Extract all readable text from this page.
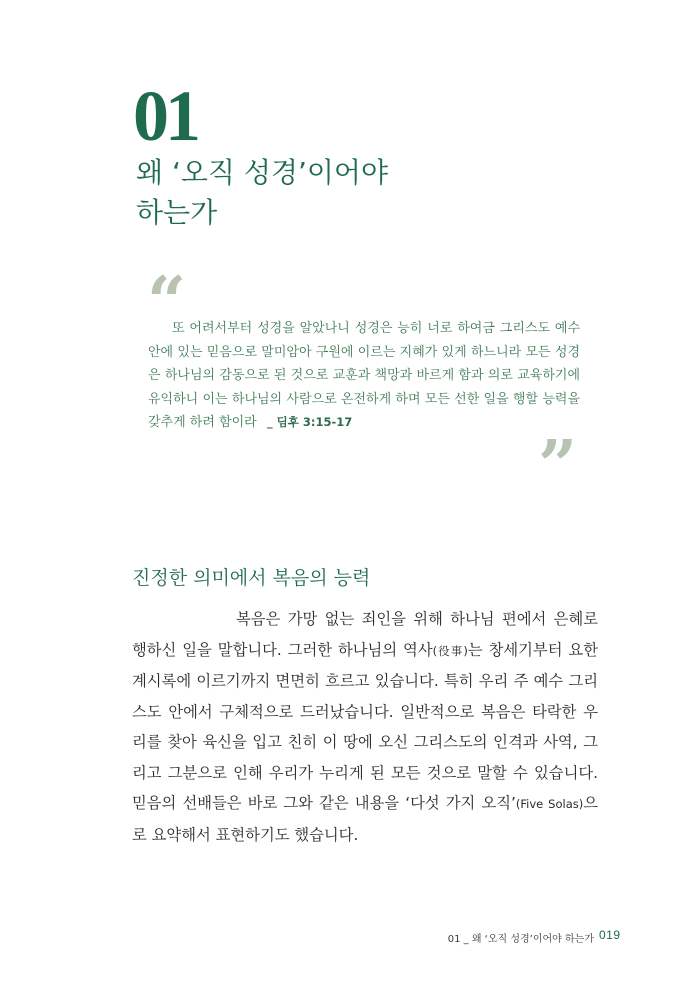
01
왜 ‘오직 성경’이어야
하는가
“

또 어려서부터 성경을 알았나니 성경은 능히 너로 하여금 그리스도 예수 안에 있는 믿음으로 말미암아 구원에 이르는 지혜가 있게 하느니라 모든 성경은 하나님의 감동으로 된 것으로 교훈과 책망과 바르게 함과 의로 교육하기에 유익하니 이는 하나님의 사람으로 온전하게 하며 모든 선한 일을 행할 능력을 갖추게 하려 함이라 _ 딤후 3:15-17

”
진정한 의미에서 복음의 능력

복음은 가망 없는 죄인을 위해 하나님 편에서 은혜로 행하신 일을 말합니다. 그러한 하나님의 역사(役事)는 창세기부터 요한계시록에 이르기까지 면면히 흐르고 있습니다. 특히 우리 주 예수 그리스도 안에서 구체적으로 드러났습니다. 일반적으로 복음은 타락한 우리를 찾아 육신을 입고 친히 이 땅에 오신 그리스도의 인격과 사역, 그리고 그분으로 인해 우리가 누리게 된 모든 것으로 말할 수 있습니다. 믿음의 선배들은 바로 그와 같은 내용을 ‘다섯 가지 오직’(Five Solas)으로 요약해서 표현하기도 했습니다.

01 _ 왜 ‘오직 성경’이어야 하는가 019
